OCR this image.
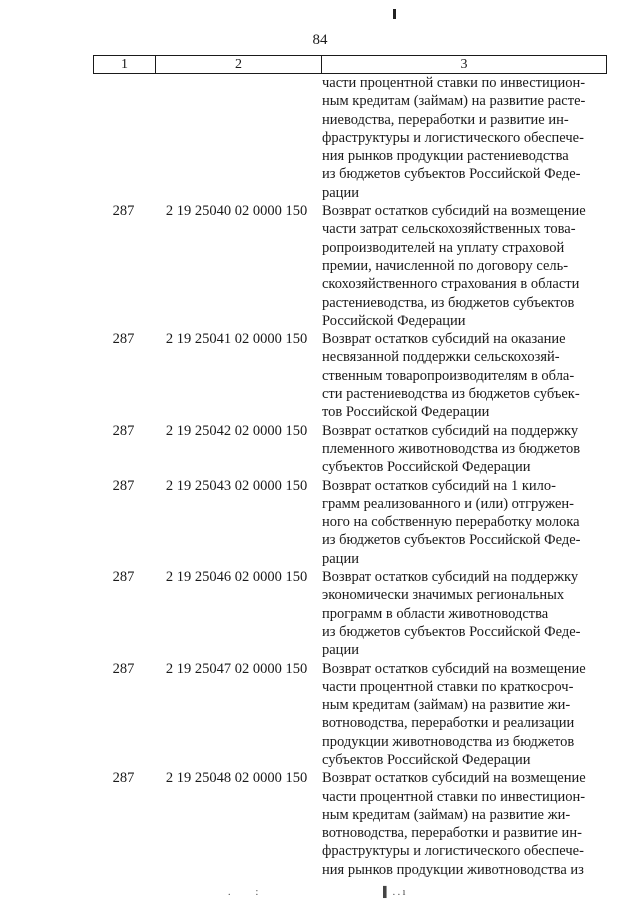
84
1	2	3
части процентной ставки по инвестицион-
ным кредитам (займам) на развитие расте-
ниеводства, переработки и развитие ин-
фраструктуры и логистического обеспече-
ния рынков продукции растениеводства
из бюджетов субъектов Российской Феде-
рации
287	2 19 25040 02 0000 150	Возврат остатков субсидий на возмещение
части затрат сельскохозяйственных това-
ропроизводителей на уплату страховой
премии, начисленной по договору сель-
скохозяйственного страхования в области
растениеводства, из бюджетов субъектов
Российской Федерации
287	2 19 25041 02 0000 150	Возврат остатков субсидий на оказание
несвязанной поддержки сельскохозяй-
ственным товаропроизводителям в обла-
сти растениеводства из бюджетов субъек-
тов Российской Федерации
287	2 19 25042 02 0000 150	Возврат остатков субсидий на поддержку
племенного животноводства из бюджетов
субъектов Российской Федерации
287	2 19 25043 02 0000 150	Возврат остатков субсидий на 1 кило-
грамм реализованного и (или) отгружен-
ного на собственную переработку молока
из бюджетов субъектов Российской Феде-
рации
287	2 19 25046 02 0000 150	Возврат остатков субсидий на поддержку
экономически значимых региональных
программ в области животноводства
из бюджетов субъектов Российской Феде-
рации
287	2 19 25047 02 0000 150	Возврат остатков субсидий на возмещение
части процентной ставки по краткосроч-
ным кредитам (займам) на развитие жи-
вотноводства, переработки и реализации
продукции животноводства из бюджетов
субъектов Российской Федерации
287	2 19 25048 02 0000 150	Возврат остатков субсидий на возмещение
части процентной ставки по инвестицион-
ным кредитам (займам) на развитие жи-
вотноводства, переработки и развитие ин-
фраструктуры и логистического обеспече-
ния рынков продукции животноводства из
.          :	▌ . . ı
